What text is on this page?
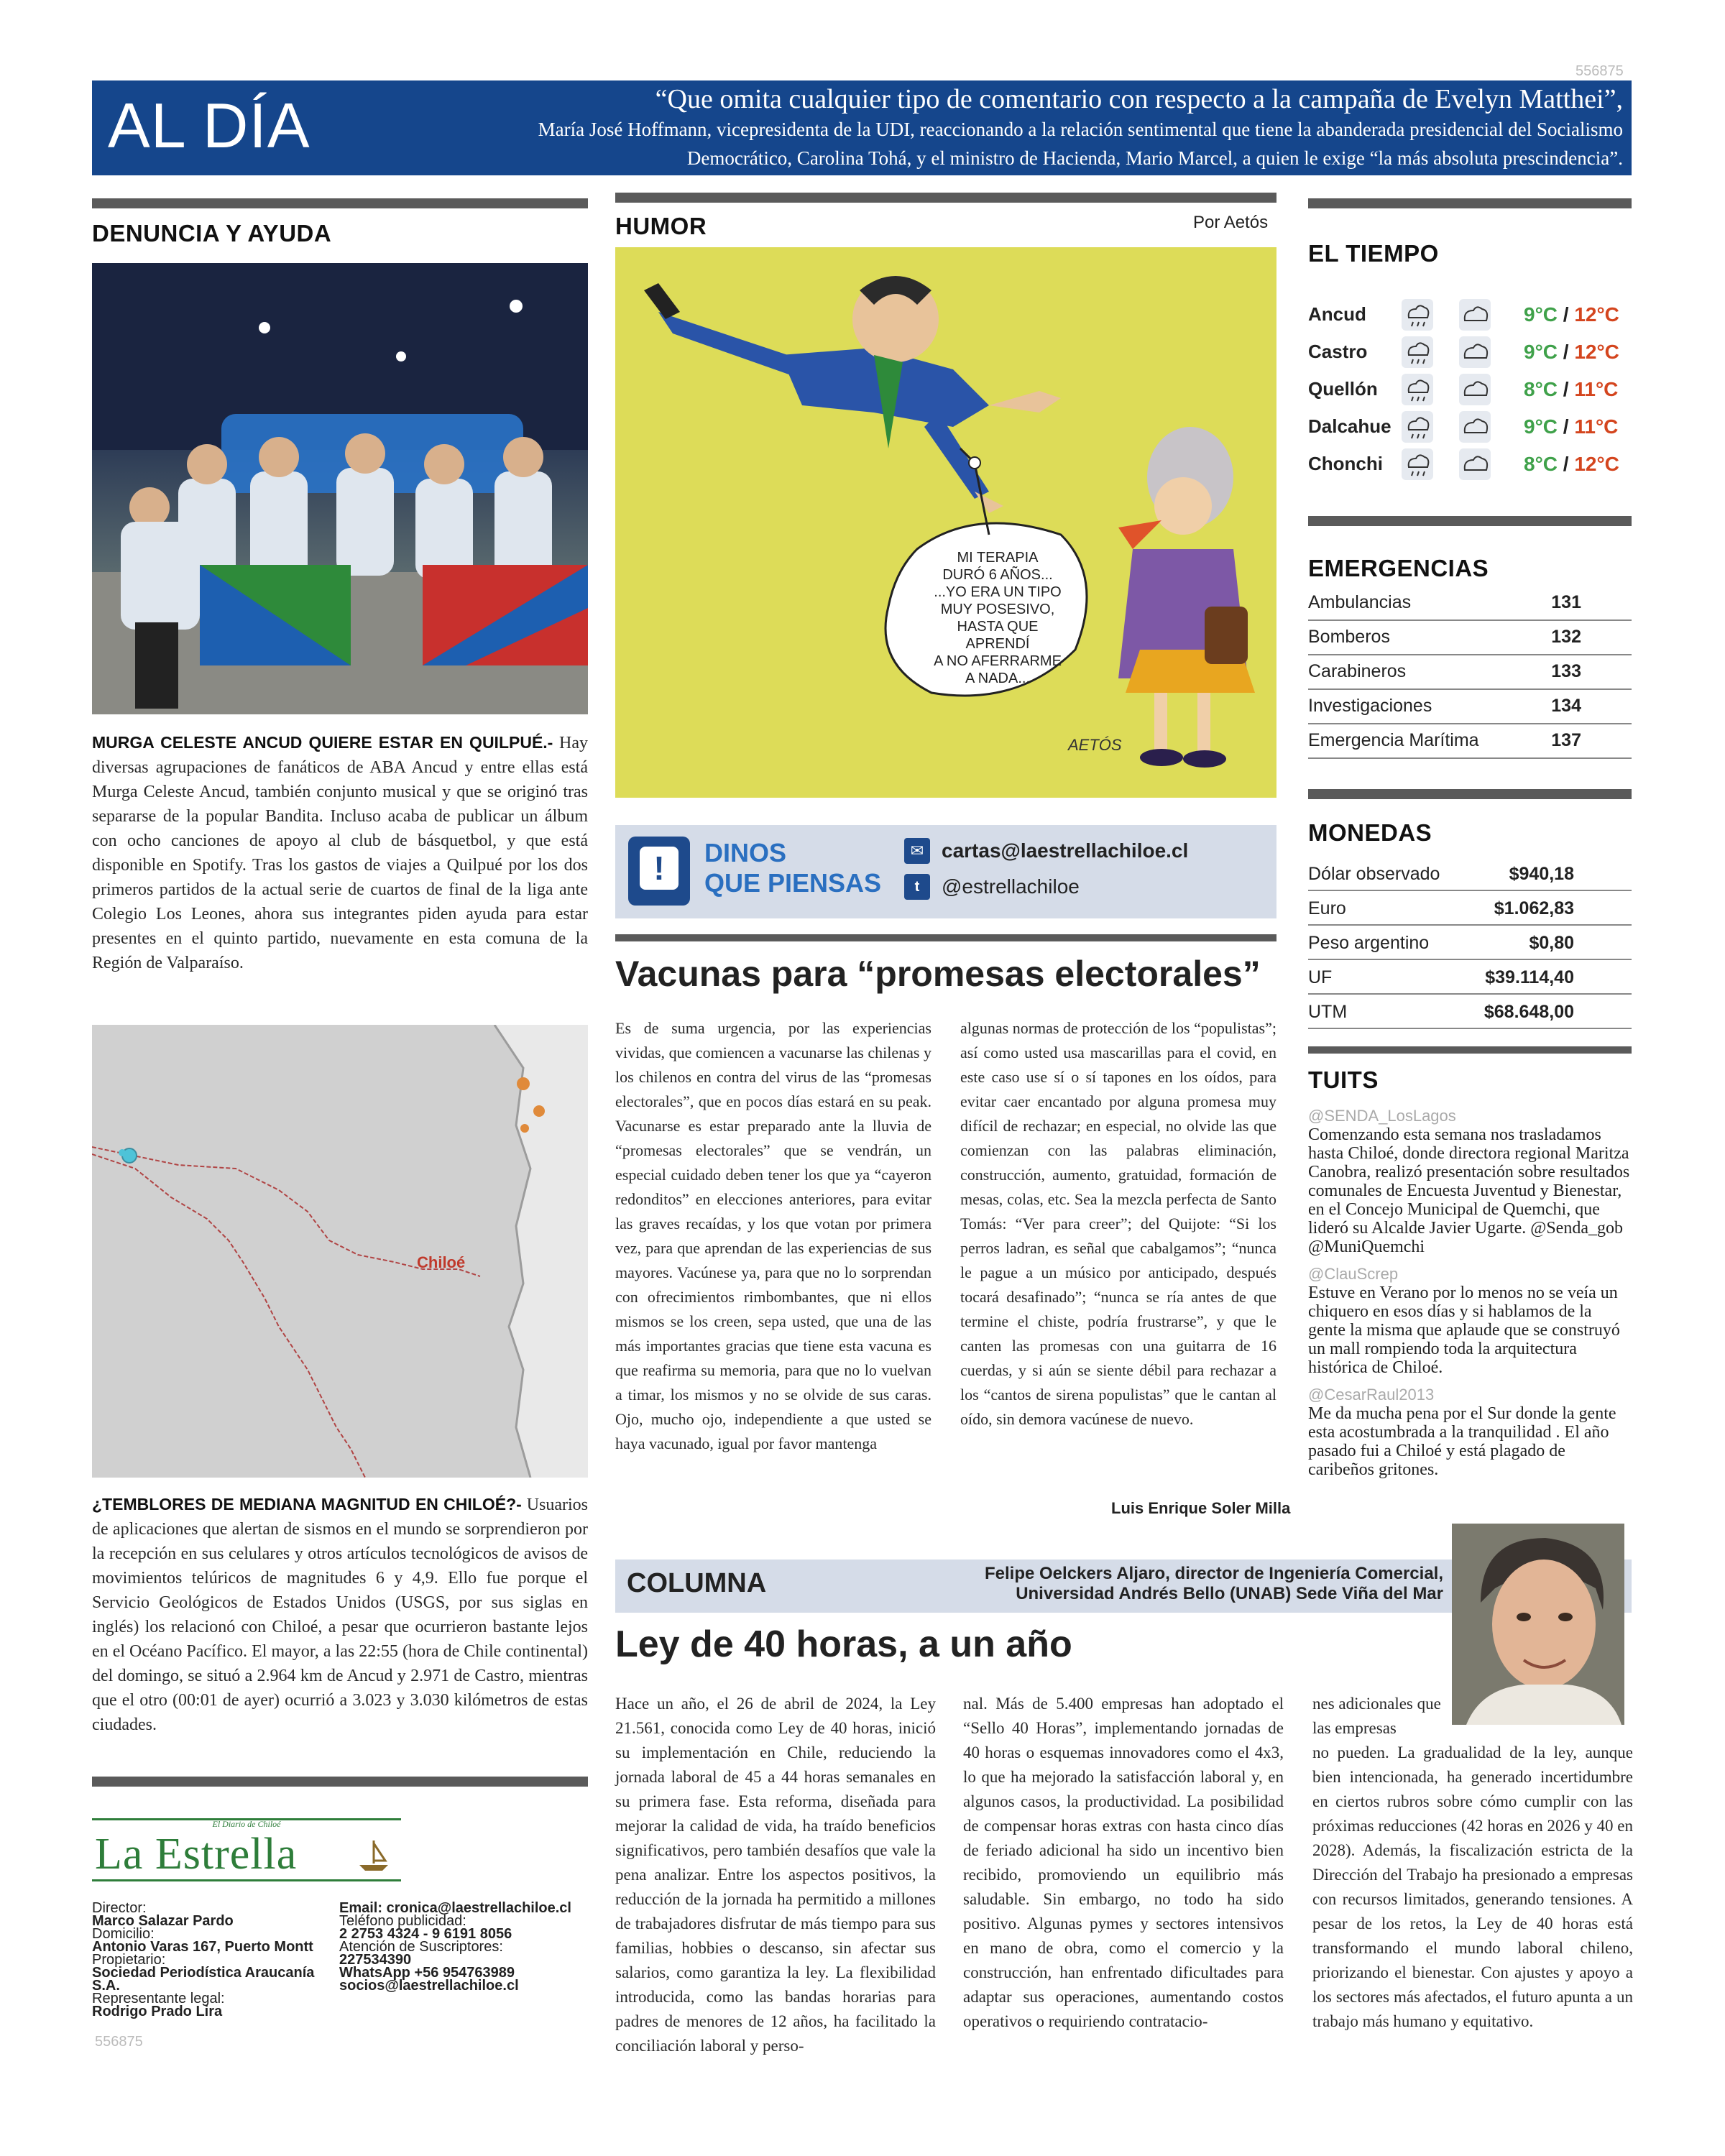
556875
AL DÍA	“Que omita cualquier tipo de comentario con respecto a la campaña de Evelyn Matthei”,
María José Hoffmann, vicepresidenta de la UDI, reaccionando a la relación sentimental que tiene la abanderada presidencial del Socialismo Democrático, Carolina Tohá, y el ministro de Hacienda, Mario Marcel, a quien le exige “la más absoluta prescindencia”.
DENUNCIA Y AYUDA
MURGA CELESTE ANCUD QUIERE ESTAR EN QUILPUÉ.- Hay diversas agrupaciones de fanáticos de ABA Ancud y entre ellas está Murga Celeste Ancud, también conjunto musical y que se originó tras separarse de la popular Bandita. Incluso acaba de publicar un álbum con ocho canciones de apoyo al club de básquetbol, y que está disponible en Spotify. Tras los gastos de viajes a Quilpué por los dos primeros partidos de la actual serie de cuartos de final de la liga ante Colegio Los Leones, ahora sus integrantes piden ayuda para estar presentes en el quinto partido, nuevamente en esta comuna de la Región de Valparaíso.
Chiloé
¿TEMBLORES DE MEDIANA MAGNITUD EN CHILOÉ?- Usuarios de aplicaciones que alertan de sismos en el mundo se sorprendieron por la recepción en sus celulares y otros artículos tecnológicos de avisos de movimientos telúricos de magnitudes 6 y 4,9. Ello fue porque el Servicio Geológicos de Estados Unidos (USGS, por sus siglas en inglés) los relacionó con Chiloé, a pesar que ocurrieron bastante lejos en el Océano Pacífico. El mayor, a las 22:55 (hora de Chile continental) del domingo, se situó a 2.964 km de Ancud y 2.971 de Castro, mientras que el otro (00:01 de ayer) ocurrió a 3.023 y 3.030 kilómetros de estas ciudades.
El Diario de Chiloé
La Estrella
Director:
Marco Salazar Pardo
Domicilio:
Antonio Varas 167, Puerto Montt
Propietario:
Sociedad Periodística Araucanía S.A.
Representante legal:
Rodrigo Prado Lira
Email: cronica@laestrellachiloe.cl
Teléfono publicidad:
2 2753 4324 - 9 6191 8056
Atención de Suscriptores:
227534390
WhatsApp +56 954763989
socios@laestrellachiloe.cl
556875
HUMOR	Por Aetós
MI TERAPIA
DURÓ 6 AÑOS...
...YO ERA UN TIPO
MUY POSESIVO,
HASTA QUE APRENDÍ
A NO AFERRARME
A NADA...
AETÓS
!	DINOS
QUE PIENSAS
✉ cartas@laestrellachiloe.cl
t	@estrellachiloe
Vacunas para “promesas electorales”
Es de suma urgencia, por las experiencias vividas, que comiencen a vacunarse las chilenas y los chilenos en contra del virus de las “promesas electorales”, que en pocos días estará en su peak. Vacunarse es estar preparado ante la lluvia de “promesas electorales” que se vendrán, un especial cuidado deben tener los que ya “cayeron redonditos” en elecciones anteriores, para evitar las graves recaídas, y los que votan por primera vez, para que aprendan de las experiencias de sus mayores. Vacúnese ya, para que no lo sorprendan con ofrecimientos rimbombantes, que ni ellos mismos se los creen, sepa usted, que una de las más importantes gracias que tiene esta vacuna es que reafirma su memoria, para que no lo vuelvan a timar, los mismos y no se olvide de sus caras. Ojo, mucho ojo, independiente a que usted se haya vacunado, igual por favor mantenga
algunas normas de protección de los “populistas”; así como usted usa mascarillas para el covid, en este caso use sí o sí tapones en los oídos, para evitar caer encantado por alguna promesa muy difícil de rechazar; en especial, no olvide las que comienzan con las palabras eliminación, construcción, aumento, gratuidad, formación de mesas, colas, etc. Sea la mezcla perfecta de Santo Tomás: “Ver para creer”; del Quijote: “Si los perros ladran, es señal que cabalgamos”; “nunca le pague a un músico por anticipado, después tocará desafinado”; “nunca se ría antes de que termine el chiste, podría frustrarse”, y que le canten las promesas con una guitarra de 16 cuerdas, y si aún se siente débil para rechazar a los “cantos de sirena populistas” que le cantan al oído, sin demora vacúnese de nuevo.
Luis Enrique Soler Milla
EL TIEMPO
Ancud	9°C / 12°C
Castro	9°C / 12°C
Quellón	8°C / 11°C
Dalcahue	9°C / 11°C
Chonchi	8°C / 12°C
EMERGENCIAS
Ambulancias	131
Bomberos	132
Carabineros	133
Investigaciones	134
Emergencia Marítima	137
MONEDAS
Dólar observado	$940,18
Euro	$1.062,83
Peso argentino	$0,80
UF	$39.114,40
UTM	$68.648,00
TUITS
@SENDA_LosLagos
Comenzando esta semana nos trasladamos hasta Chiloé, donde directora regional Maritza Canobra, realizó presentación sobre resultados comunales de Encuesta Juventud y Bienestar, en el Concejo Municipal de Quemchi, que lideró su Alcalde Javier Ugarte. @Senda_gob @MuniQuemchi
@ClauScrep
Estuve en Verano por lo menos no se veía un chiquero en esos días y si hablamos de la gente la misma que aplaude que se construyó un mall rompiendo toda la arquitectura histórica de Chiloé.
@CesarRaul2013
Me da mucha pena por el Sur donde la gente esta acostumbrada a la tranquilidad . El año pasado fui a Chiloé y está plagado de caribeños gritones.
COLUMNA	Felipe Oelckers Aljaro, director de Ingeniería Comercial,
Universidad Andrés Bello (UNAB) Sede Viña del Mar
Ley de 40 horas, a un año
Hace un año, el 26 de abril de 2024, la Ley 21.561, conocida como Ley de 40 horas, inició su implementación en Chile, reduciendo la jornada laboral de 45 a 44 horas semanales en su primera fase. Esta reforma, diseñada para mejorar la calidad de vida, ha traído beneficios significativos, pero también desafíos que vale la pena analizar. Entre los aspectos positivos, la reducción de la jornada ha permitido a millones de trabajadores disfrutar de más tiempo para sus familias, hobbies o descanso, sin afectar sus salarios, como garantiza la ley. La flexibilidad introducida, como las bandas horarias para padres de menores de 12 años, ha facilitado la conciliación laboral y perso-
nal. Más de 5.400 empresas han adoptado el “Sello 40 Horas”, implementando jornadas de 40 horas o esquemas innovadores como el 4x3, lo que ha mejorado la satisfacción laboral y, en algunos casos, la productividad. La posibilidad de compensar horas extras con hasta cinco días de feriado adicional ha sido un incentivo bien recibido, promoviendo un equilibrio más saludable. Sin embargo, no todo ha sido positivo. Algunas pymes y sectores intensivos en mano de obra, como el comercio y la construcción, han enfrentado dificultades para adaptar sus operaciones, aumentando costos operativos o requiriendo contratacio-
nes adicionales que las empresas
no pueden. La gradualidad de la ley, aunque bien intencionada, ha generado incertidumbre en ciertos rubros sobre cómo cumplir con las próximas reducciones (42 horas en 2026 y 40 en 2028). Además, la fiscalización estricta de la Dirección del Trabajo ha presionado a empresas con recursos limitados, generando tensiones. A pesar de los retos, la Ley de 40 horas está transformando el mundo laboral chileno, priorizando el bienestar. Con ajustes y apoyo a los sectores más afectados, el futuro apunta a un trabajo más humano y equitativo.
